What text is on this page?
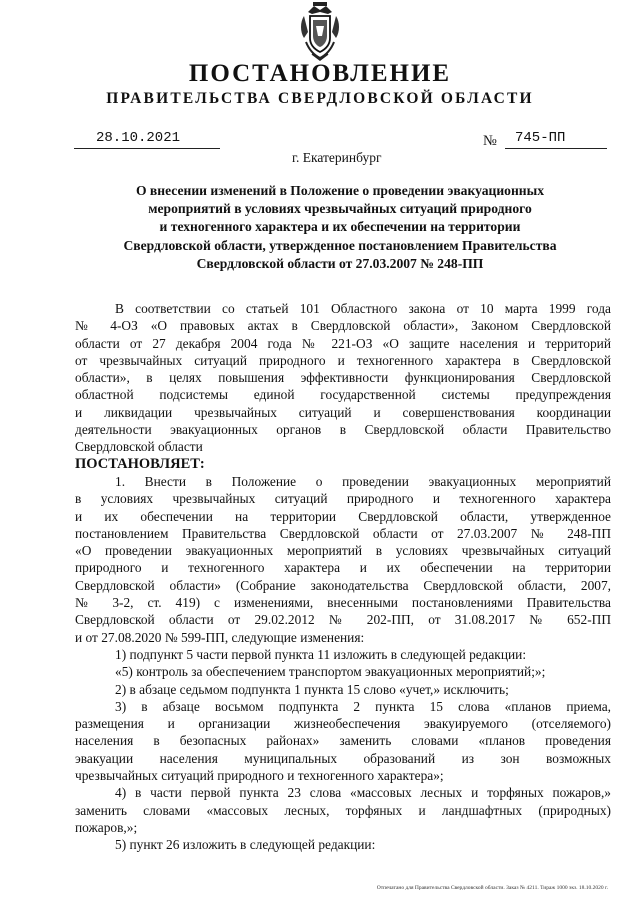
ПОСТАНОВЛЕНИЕ
ПРАВИТЕЛЬСТВА СВЕРДЛОВСКОЙ ОБЛАСТИ
28.10.2021	№ 745-ПП
г. Екатеринбург
О внесении изменений в Положение о проведении эвакуационных
мероприятий в условиях чрезвычайных ситуаций природного
и техногенного характера и их обеспечении на территории
Свердловской области, утвержденное постановлением Правительства
Свердловской области от 27.03.2007 № 248-ПП
В соответствии со статьей 101 Областного закона от 10 марта 1999 года
№ 4-ОЗ «О правовых актах в Свердловской области», Законом Свердловской
области от 27 декабря 2004 года № 221-ОЗ «О защите населения и территорий
от чрезвычайных ситуаций природного и техногенного характера в Свердловской
области», в целях повышения эффективности функционирования Свердловской
областной подсистемы единой государственной системы предупреждения
и ликвидации чрезвычайных ситуаций и совершенствования координации
деятельности эвакуационных органов в Свердловской области Правительство
Свердловской области
ПОСТАНОВЛЯЕТ:
1. Внести в Положение о проведении эвакуационных мероприятий
в условиях чрезвычайных ситуаций природного и техногенного характера
и их обеспечении на территории Свердловской области, утвержденное
постановлением Правительства Свердловской области от 27.03.2007 № 248-ПП
«О проведении эвакуационных мероприятий в условиях чрезвычайных ситуаций
природного и техногенного характера и их обеспечении на территории
Свердловской области» (Собрание законодательства Свердловской области, 2007,
№ 3-2, ст. 419) с изменениями, внесенными постановлениями Правительства
Свердловской области от 29.02.2012 № 202-ПП, от 31.08.2017 № 652-ПП
и от 27.08.2020 № 599-ПП, следующие изменения:
1) подпункт 5 части первой пункта 11 изложить в следующей редакции:
«5) контроль за обеспечением транспортом эвакуационных мероприятий;»;
2) в абзаце седьмом подпункта 1 пункта 15 слово «учет,» исключить;
3) в абзаце восьмом подпункта 2 пункта 15 слова «планов приема,
размещения и организации жизнеобеспечения эвакуируемого (отселяемого)
населения в безопасных районах» заменить словами «планов проведения
эвакуации населения муниципальных образований из зон возможных
чрезвычайных ситуаций природного и техногенного характера»;
4) в части первой пункта 23 слова «массовых лесных и торфяных пожаров,»
заменить словами «массовых лесных, торфяных и ландшафтных (природных)
пожаров,»;
5) пункт 26 изложить в следующей редакции:
Отпечатано для Правительства Свердловской области. Заказ № 4211. Тираж 1000 экз. 18.10.2020 г.
